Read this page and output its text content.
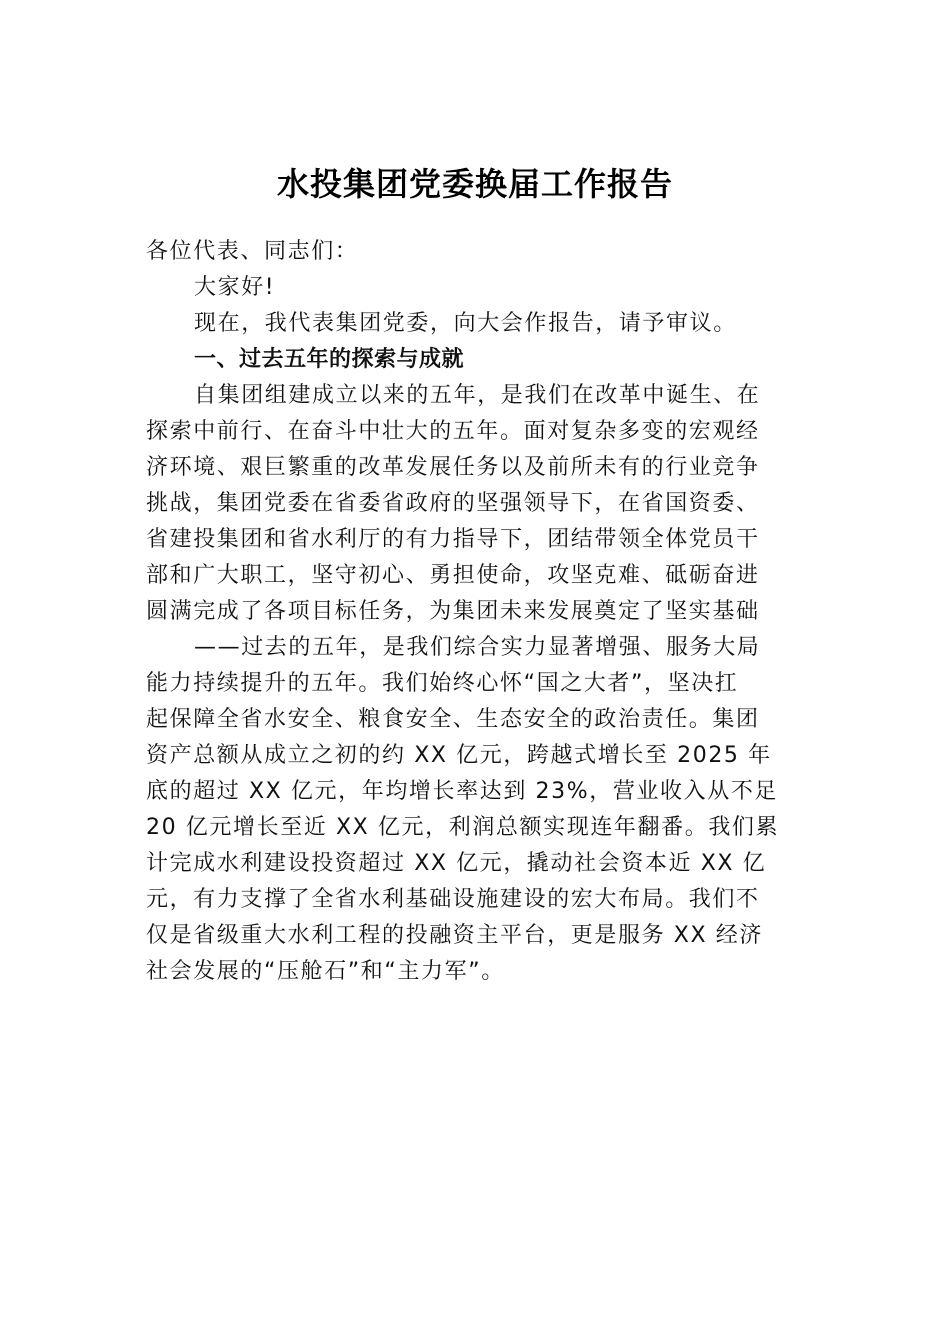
水投集团党委换届工作报告

各位代表、同志们：

大家好!

现在，我代表集团党委，向大会作报告，请予审议。

一、过去五年的探索与成就

自集团组建成立以来的五年，是我们在改革中诞生、在
探索中前行、在奋斗中壮大的五年。面对复杂多变的宏观经
济环境、艰巨繁重的改革发展任务以及前所未有的行业竞争
挑战，集团党委在省委省政府的坚强领导下，在省国资委、
省建投集团和省水利厅的有力指导下，团结带领全体党员干
部和广大职工，坚守初心、勇担使命，攻坚克难、砥砺奋进
圆满完成了各项目标任务，为集团未来发展奠定了坚实基础
——过去的五年，是我们综合实力显著增强、服务大局
能力持续提升的五年。我们始终心怀“国之大者”，坚决扛
起保障全省水安全、粮食安全、生态安全的政治责任。集团
资产总额从成立之初的约 XX 亿元，跨越式增长至 2025 年
底的超过 XX 亿元，年均增长率达到 23%，营业收入从不足
20 亿元增长至近 XX 亿元，利润总额实现连年翻番。我们累
计完成水利建设投资超过 XX 亿元，撬动社会资本近 XX 亿
元，有力支撑了全省水利基础设施建设的宏大布局。我们不
仅是省级重大水利工程的投融资主平台，更是服务 XX 经济
社会发展的“压舱石”和“主力军”。
